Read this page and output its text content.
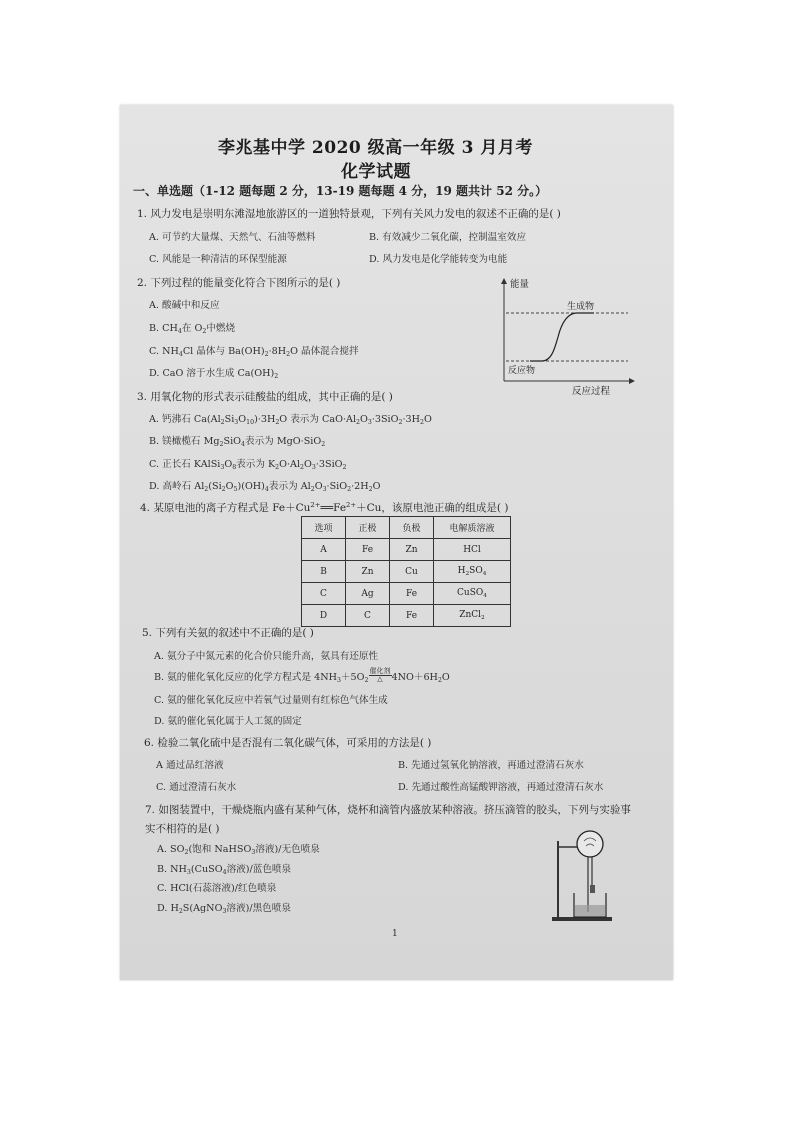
李兆基中学 2020 级高一年级 3 月月考
化学试题
一、单选题（1-12 题每题 2 分，13-19 题每题 4 分，19 题共计 52 分。）
1. 风力发电是崇明东滩湿地旅游区的一道独特景观，下列有关风力发电的叙述不正确的是( )
A. 可节约大量煤、天然气、石油等燃料	B. 有效减少二氧化碳，控制温室效应
C. 风能是一种清洁的环保型能源	D. 风力发电是化学能转变为电能
2. 下列过程的能量变化符合下图所示的是( )
A. 酸碱中和反应
B. $CH_4$在 $O_2$中燃烧
C. $NH_4Cl$ 晶体与 $Ba(OH)_2\cdot 8H_2O$ 晶体混合搅拌
D. CaO 溶于水生成 $Ca(OH)_2$
能量
生成物
反应物
反应过程
3. 用氧化物的形式表示硅酸盐的组成，其中正确的是( )
A. 钙沸石 $Ca(Al_2Si_3O_{10})\cdot 3H_2O$ 表示为 $CaO\cdot Al_2O_3\cdot 3SiO_2\cdot 3H_2O$
B. 镁橄榄石 $Mg_2SiO_4$表示为 MgO·SiO$_2$
C. 正长石 $KAlSi_3O_8$表示为 $K_2O\cdot Al_2O_3\cdot 3SiO_2$
D. 高岭石 $Al_2(Si_2O_5)(OH)_4$表示为 $Al_2O_3\cdot SiO_2\cdot 2H_2O$
4. 某原电池的离子方程式是 $Fe+Cu^{2+}══Fe^{2+}+Cu$，该原电池正确的组成是( )
选项	正极	负极	电解质溶液
A	Fe	Zn	HCl
B	Zn	Cu	$H_2SO_4$
C	Ag	Fe	CuSO$_4$
D	C	Fe	ZnCl$_2$
5. 下列有关氨的叙述中不正确的是( )
A. 氨分子中氮元素的化合价只能升高，氨具有还原性
B. 氨的催化氧化反应的化学方程式是 $4NH_3+5O_2$
催化剂
△ $4NO+6H_2O$
C. 氨的催化氧化反应中若氧气过量则有红棕色气体生成
D. 氨的催化氧化属于人工氮的固定
6. 检验二氧化硫中是否混有二氧化碳气体，可采用的方法是( )
A 通过品红溶液	B. 先通过氢氧化钠溶液，再通过澄清石灰水
C. 通过澄清石灰水	D. 先通过酸性高锰酸钾溶液，再通过澄清石灰水
7. 如图装置中，干燥烧瓶内盛有某种气体，烧杯和滴管内盛放某种溶液。挤压滴管的胶头，下列与实验事
实不相符的是( )
A. $SO_2$(饱和 NaHSO$_3$溶液)/无色喷泉
B. $NH_3(CuSO_4$溶液)/蓝色喷泉
C. HCl(石蕊溶液)/红色喷泉
D. $H_2S(AgNO_3$溶液)/黑色喷泉
1
